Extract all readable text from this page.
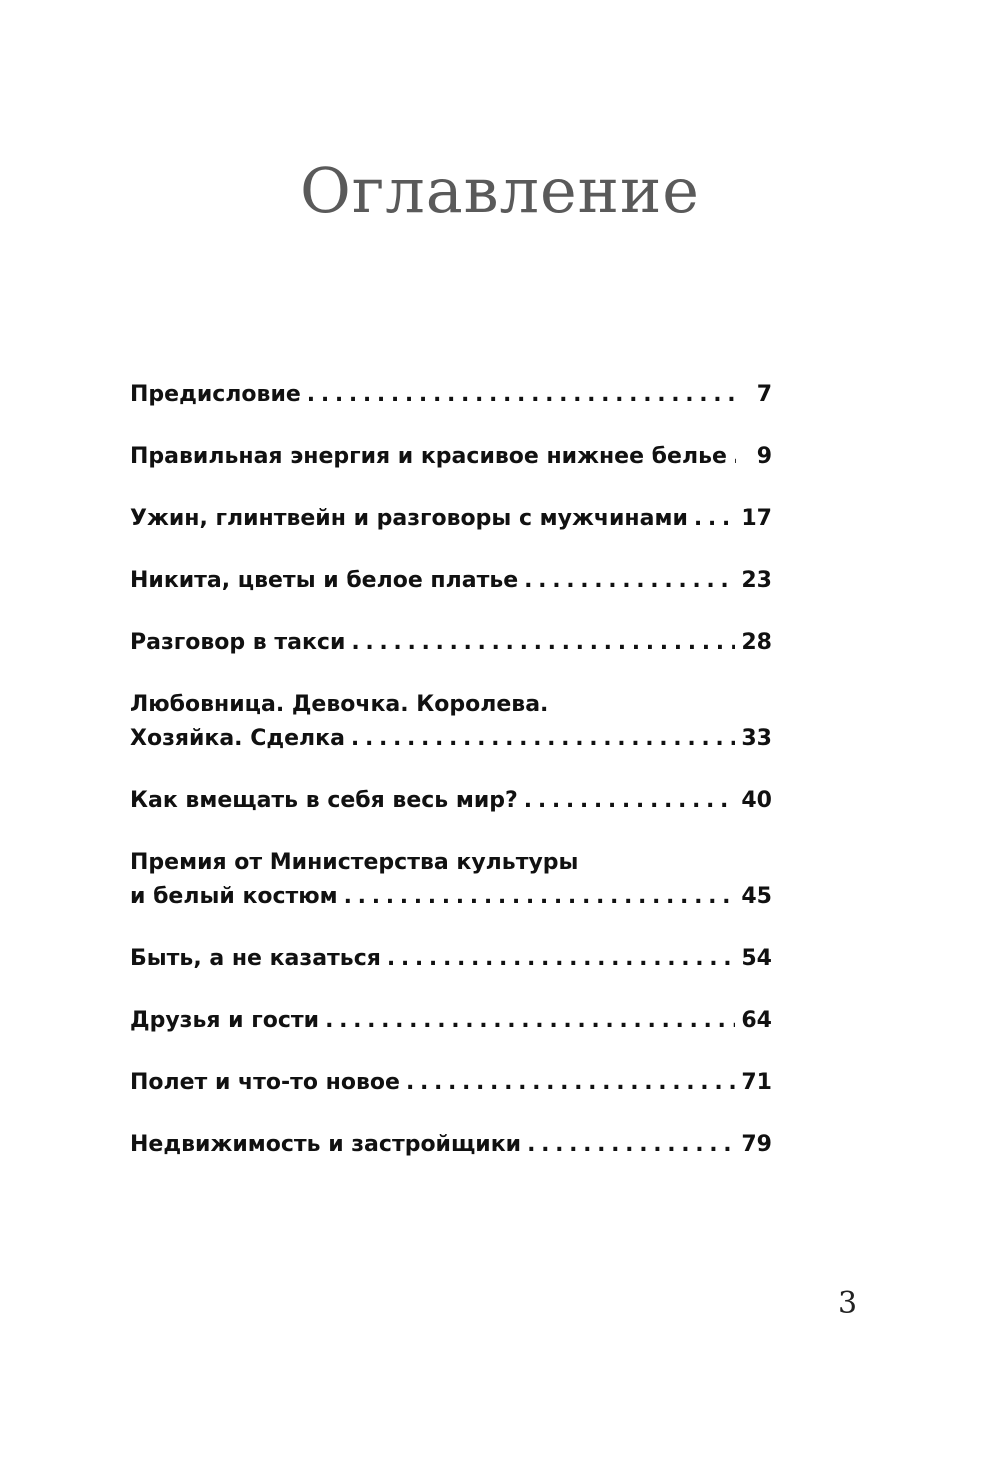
Оглавление
Предисловие . . .	7
Правильная энергия и красивое нижнее белье . . .	9
Ужин, глинтвейн и разговоры с мужчинами . . . 17
Никита, цветы и белое платье . . .	23
Разговор в такси . . .	28
Любовница. Девочка. Королева.
Хозяйка. Сделка . . .	33
Как вмещать в себя весь мир? . . .	40
Премия от Министерства культуры
и белый костюм . . .	45
Быть, а не казаться . . .	54
Друзья и гости . . .	64
Полет и что-то новое . . .	71
Недвижимость и застройщики . . .	79
3
